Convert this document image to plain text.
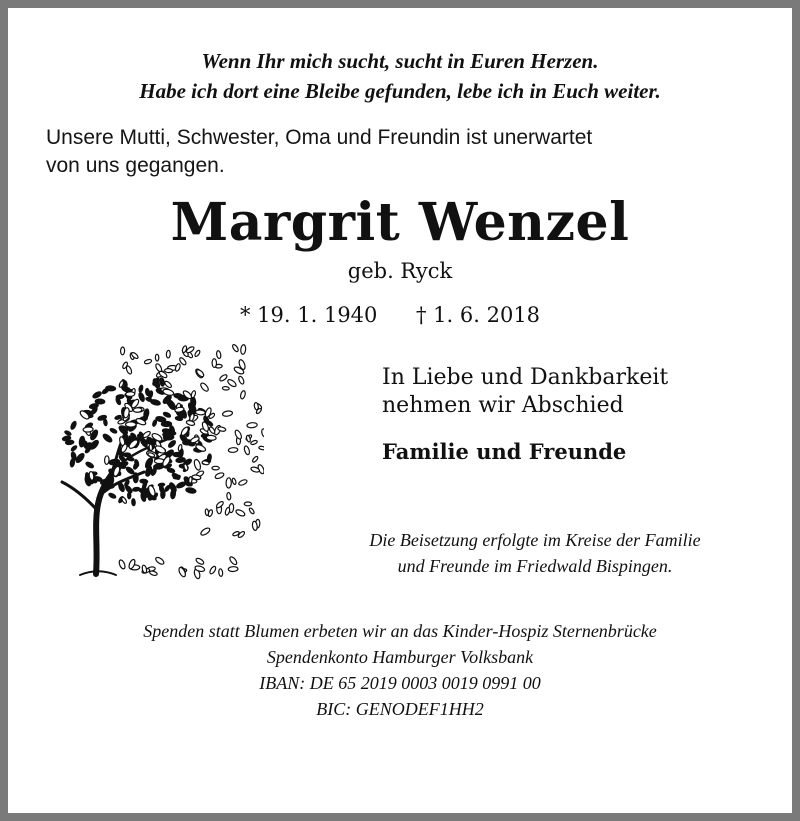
Wenn Ihr mich sucht, sucht in Euren Herzen.
Habe ich dort eine Bleibe gefunden, lebe ich in Euch weiter.
Unsere Mutti, Schwester, Oma und Freundin ist unerwartet
von uns gegangen.
Margrit Wenzel
geb. Ryck
* 19. 1. 1940 † 1. 6. 2018
In Liebe und Dankbarkeit
nehmen wir Abschied
Familie und Freunde
Die Beisetzung erfolgte im Kreise der Familie
und Freunde im Friedwald Bispingen.
Spenden statt Blumen erbeten wir an das Kinder-Hospiz Sternenbrücke
Spendenkonto Hamburger Volksbank
IBAN: DE 65 2019 0003 0019 0991 00
BIC: GENODEF1HH2
